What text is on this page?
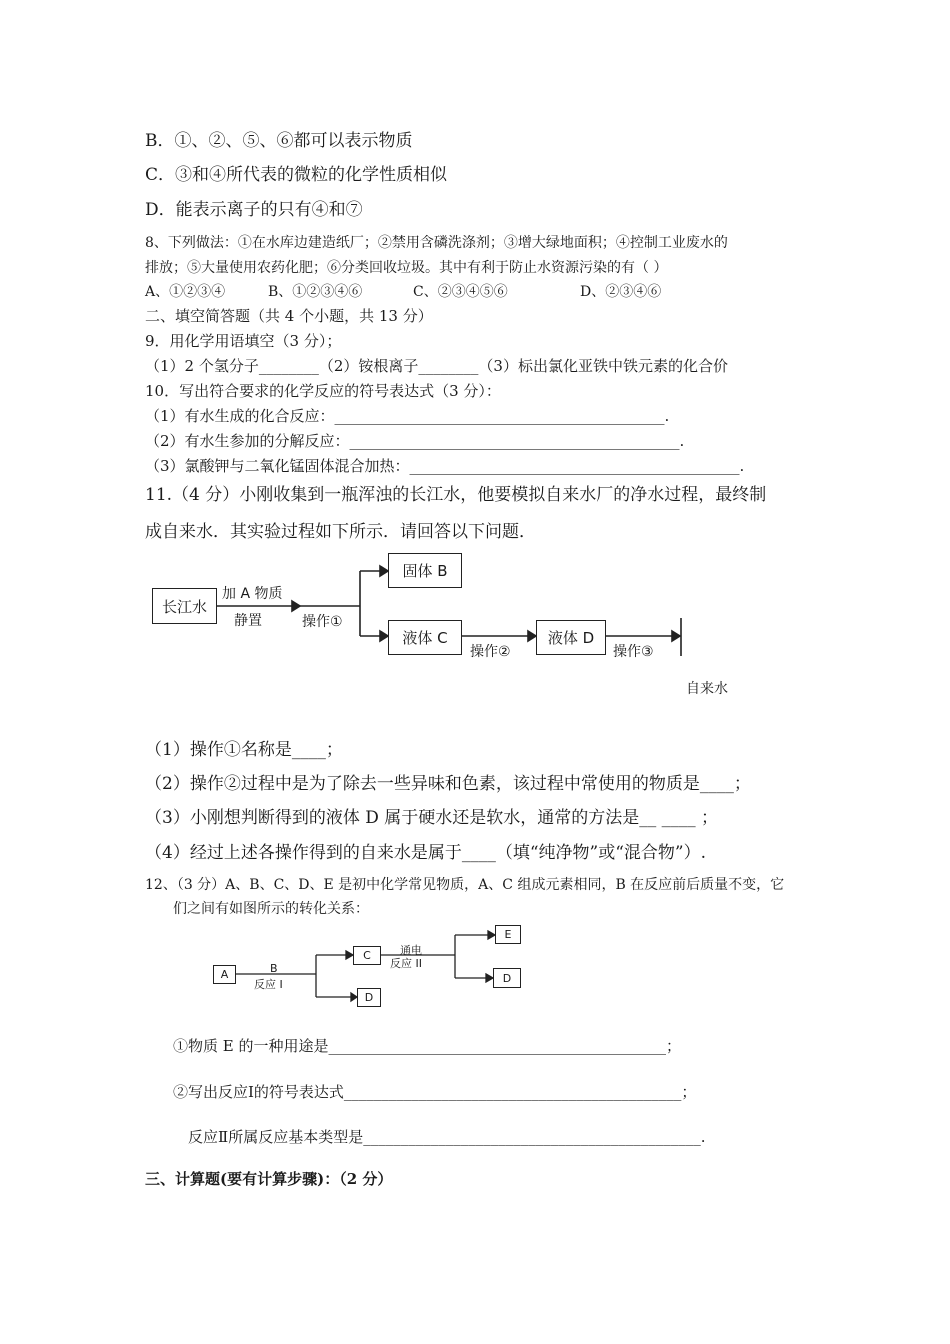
B．①、②、⑤、⑥都可以表示物质
C．③和④所代表的微粒的化学性质相似
D．能表示离子的只有④和⑦
8、下列做法：①在水库边建造纸厂；②禁用含磷洗涤剂；③增大绿地面积；④控制工业废水的
排放；⑤大量使用农药化肥；⑥分类回收垃圾。其中有利于防止水资源污染的有（ ）
A、①②③④	B、①②③④⑥	C、②③④⑤⑥	D、②③④⑥
二、填空简答题（共 4 个小题，共 13 分）
9．用化学用语填空（3 分）；
（1）2 个氢分子________（2）铵根离子________（3）标出氯化亚铁中铁元素的化合价
10．写出符合要求的化学反应的符号表达式（3 分）：
（1）有水生成的化合反应：____________________________________________.
（2）有水生参加的分解反应：____________________________________________.
（3）氯酸钾与二氧化锰固体混合加热：____________________________________________.
11.（4 分）小刚收集到一瓶浑浊的长江水，他要模拟自来水厂的净水过程，最终制
成自来水．其实验过程如下所示．请回答以下问题．
长江水
加 A 物质
静置	操作①
固体 B
液体 C
操作②
液体 D
操作③
自来水
（1）操作①名称是____；
（2）操作②过程中是为了除去一些异味和色素，该过程中常使用的物质是____；
（3）小刚想判断得到的液体 D 属于硬水还是软水，通常的方法是__ ____ ；
（4）经过上述各操作得到的自来水是属于____（填“纯净物”或“混合物”）.
12、（3 分）A、B、C、D、E 是初中化学常见物质，A、C 组成元素相同，B 在反应前后质量不变，它
们之间有如图所示的转化关系：
A	B
反应 I
C
D
通电
反应 II
E
D
①物质 E 的一种用途是_____________________________________________；
②写出反应Ⅰ的符号表达式_____________________________________________；
反应Ⅱ所属反应基本类型是_____________________________________________.
三、计算题(要有计算步骤)：（2 分）
